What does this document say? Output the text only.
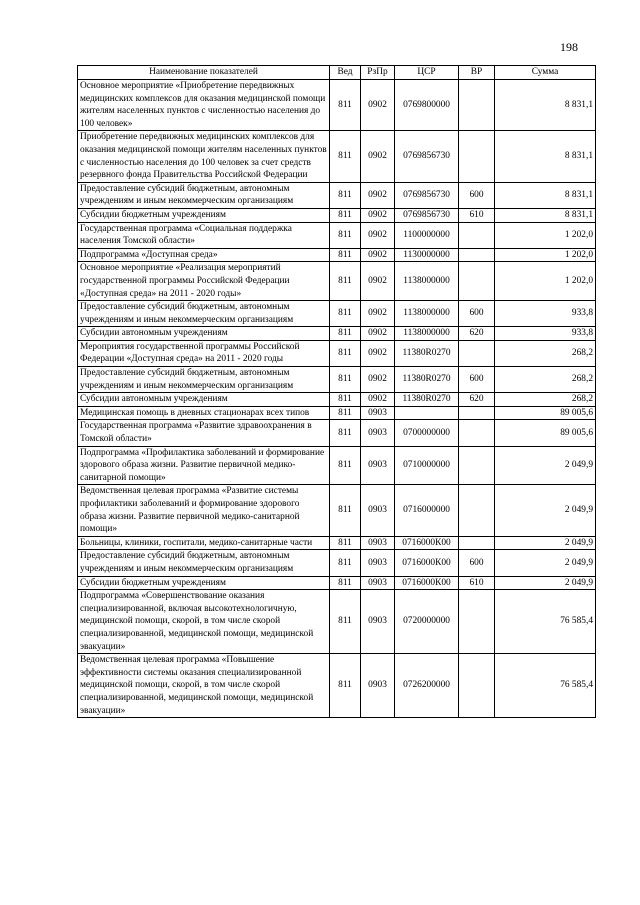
198
Наименование показателей	Вед	РзПр	ЦСР	ВР	Сумма
Основное мероприятие «Приобретение передвижных медицинских комплексов для оказания медицинской помощи жителям населенных пунктов с численностью населения до 100 человек»	811	0902	0769800000		8 831,1
Приобретение передвижных медицинских комплексов для оказания медицинской помощи жителям населенных пунктов с численностью населения до 100 человек за счет средств резервного фонда Правительства Российской Федерации	811	0902	0769856730		8 831,1
Предоставление субсидий бюджетным, автономным учреждениям и иным некоммерческим организациям	811	0902	0769856730	600	8 831,1
Субсидии бюджетным учреждениям	811	0902	0769856730	610	8 831,1
Государственная программа «Социальная поддержка населения Томской области»	811	0902	1100000000		1 202,0
Подпрограмма «Доступная среда»	811	0902	1130000000		1 202,0
Основное мероприятие «Реализация мероприятий государственной программы Российской Федерации «Доступная среда» на 2011 - 2020 годы»	811	0902	1138000000		1 202,0
Предоставление субсидий бюджетным, автономным учреждениям и иным некоммерческим организациям	811	0902	1138000000	600	933,8
Субсидии автономным учреждениям	811	0902	1138000000	620	933,8
Мероприятия государственной программы Российской Федерации «Доступная среда» на 2011 - 2020 годы	811	0902	11380R0270		268,2
Предоставление субсидий бюджетным, автономным учреждениям и иным некоммерческим организациям	811	0902	11380R0270	600	268,2
Субсидии автономным учреждениям	811	0902	11380R0270	620	268,2
Медицинская помощь в дневных стационарах всех типов	811	0903			89 005,6
Государственная программа «Развитие здравоохранения в Томской области»	811	0903	0700000000		89 005,6
Подпрограмма «Профилактика заболеваний и формирование здорового образа жизни. Развитие первичной медико-санитарной помощи»	811	0903	0710000000		2 049,9
Ведомственная целевая программа «Развитие системы профилактики заболеваний и формирование здорового образа жизни. Развитие первичной медико-санитарной помощи»	811	0903	0716000000		2 049,9
Больницы, клиники, госпитали, медико-санитарные части	811	0903	0716000К00		2 049,9
Предоставление субсидий бюджетным, автономным учреждениям и иным некоммерческим организациям	811	0903	0716000К00	600	2 049,9
Субсидии бюджетным учреждениям	811	0903	0716000К00	610	2 049,9
Подпрограмма «Совершенствование оказания специализированной, включая высокотехнологичную, медицинской помощи, скорой, в том числе скорой специализированной, медицинской помощи, медицинской эвакуации»	811	0903	0720000000		76 585,4
Ведомственная целевая программа «Повышение эффективности системы оказания специализированной медицинской помощи, скорой, в том числе скорой специализированной, медицинской помощи, медицинской эвакуации»	811	0903	0726200000		76 585,4
